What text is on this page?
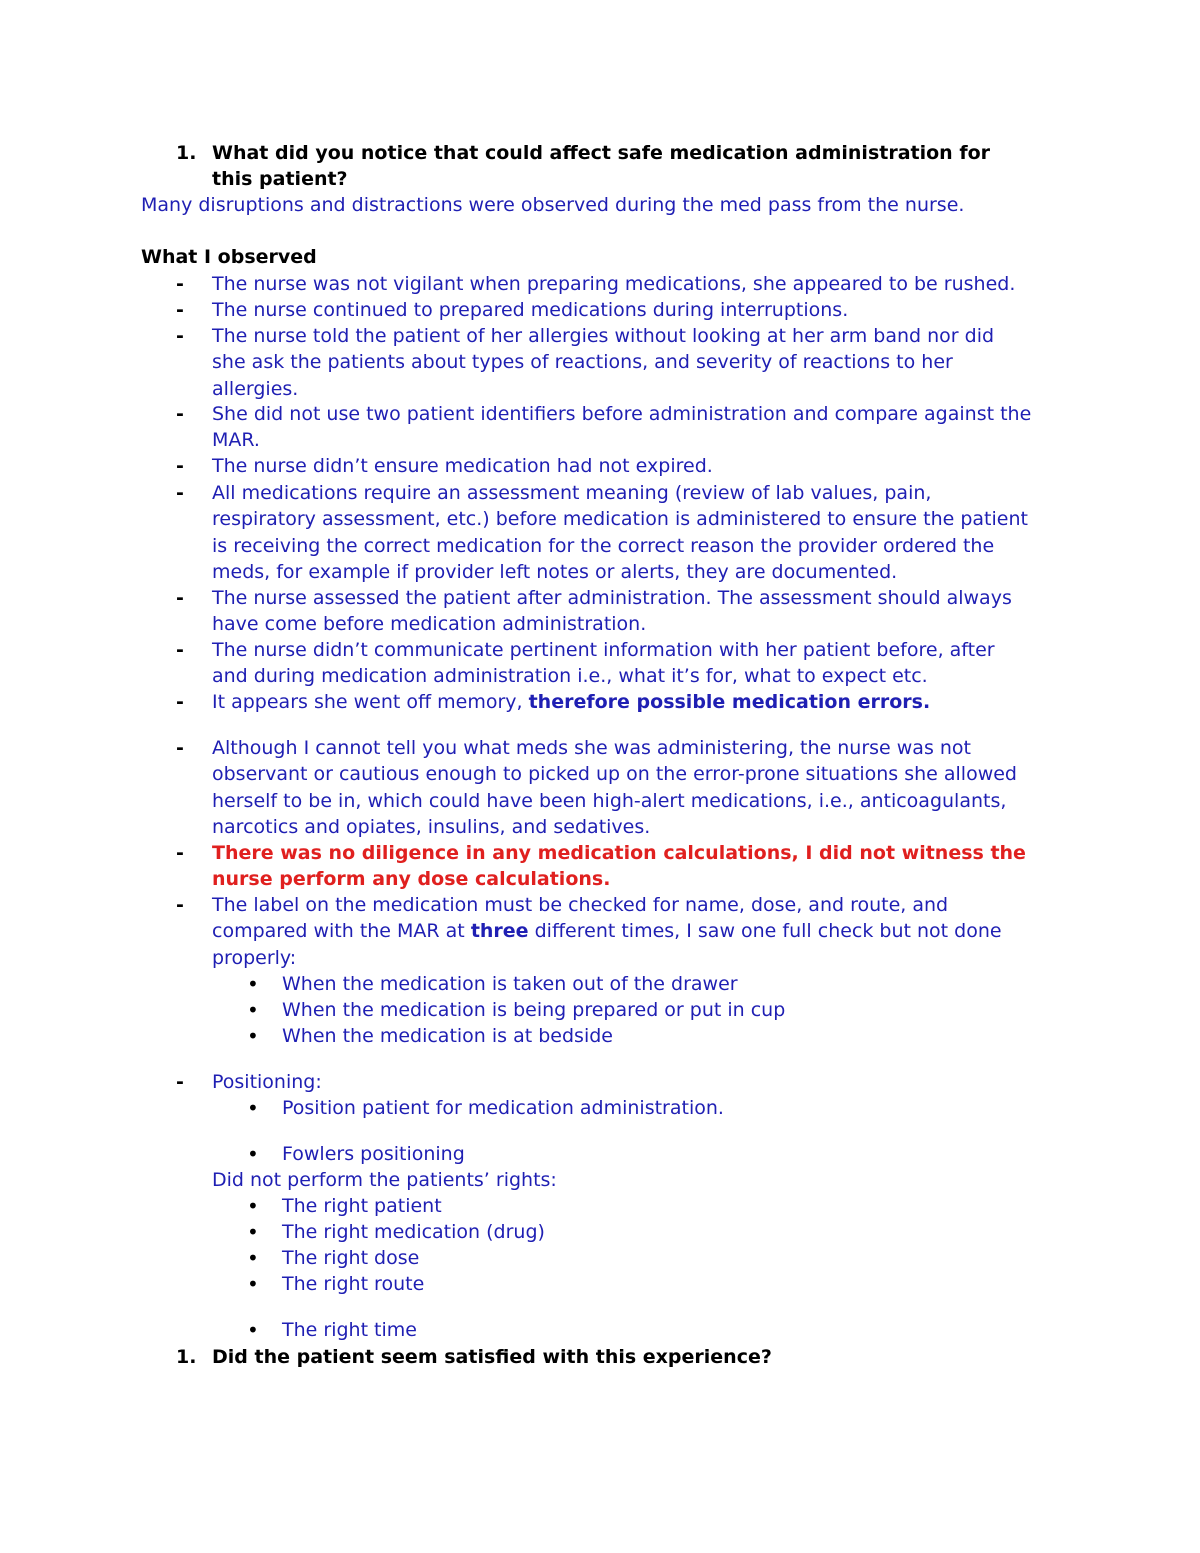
1. What did you notice that could affect safe medication administration for
this patient?
Many disruptions and distractions were observed during the med pass from the nurse.
What I observed
- The nurse was not vigilant when preparing medications, she appeared to be rushed.
- The nurse continued to prepared medications during interruptions.
- The nurse told the patient of her allergies without looking at her arm band nor did
she ask the patients about types of reactions, and severity of reactions to her
allergies.
- She did not use two patient identifiers before administration and compare against the
MAR.
- The nurse didn’t ensure medication had not expired.
- All medications require an assessment meaning (review of lab values, pain,
respiratory assessment, etc.) before medication is administered to ensure the patient
is receiving the correct medication for the correct reason the provider ordered the
meds, for example if provider left notes or alerts, they are documented.
- The nurse assessed the patient after administration. The assessment should always
have come before medication administration.
- The nurse didn’t communicate pertinent information with her patient before, after
and during medication administration i.e., what it’s for, what to expect etc.
- It appears she went off memory, therefore possible medication errors.
- Although I cannot tell you what meds she was administering, the nurse was not
observant or cautious enough to picked up on the error-prone situations she allowed
herself to be in, which could have been high-alert medications, i.e., anticoagulants,
narcotics and opiates, insulins, and sedatives.
- There was no diligence in any medication calculations, I did not witness the
nurse perform any dose calculations.
- The label on the medication must be checked for name, dose, and route, and
compared with the MAR at three different times, I saw one full check but not done
properly:
• When the medication is taken out of the drawer
• When the medication is being prepared or put in cup
• When the medication is at bedside
- Positioning:
• Position patient for medication administration.
• Fowlers positioning
Did not perform the patients’ rights:
• The right patient
• The right medication (drug)
• The right dose
• The right route
• The right time
1. Did the patient seem satisfied with this experience?
